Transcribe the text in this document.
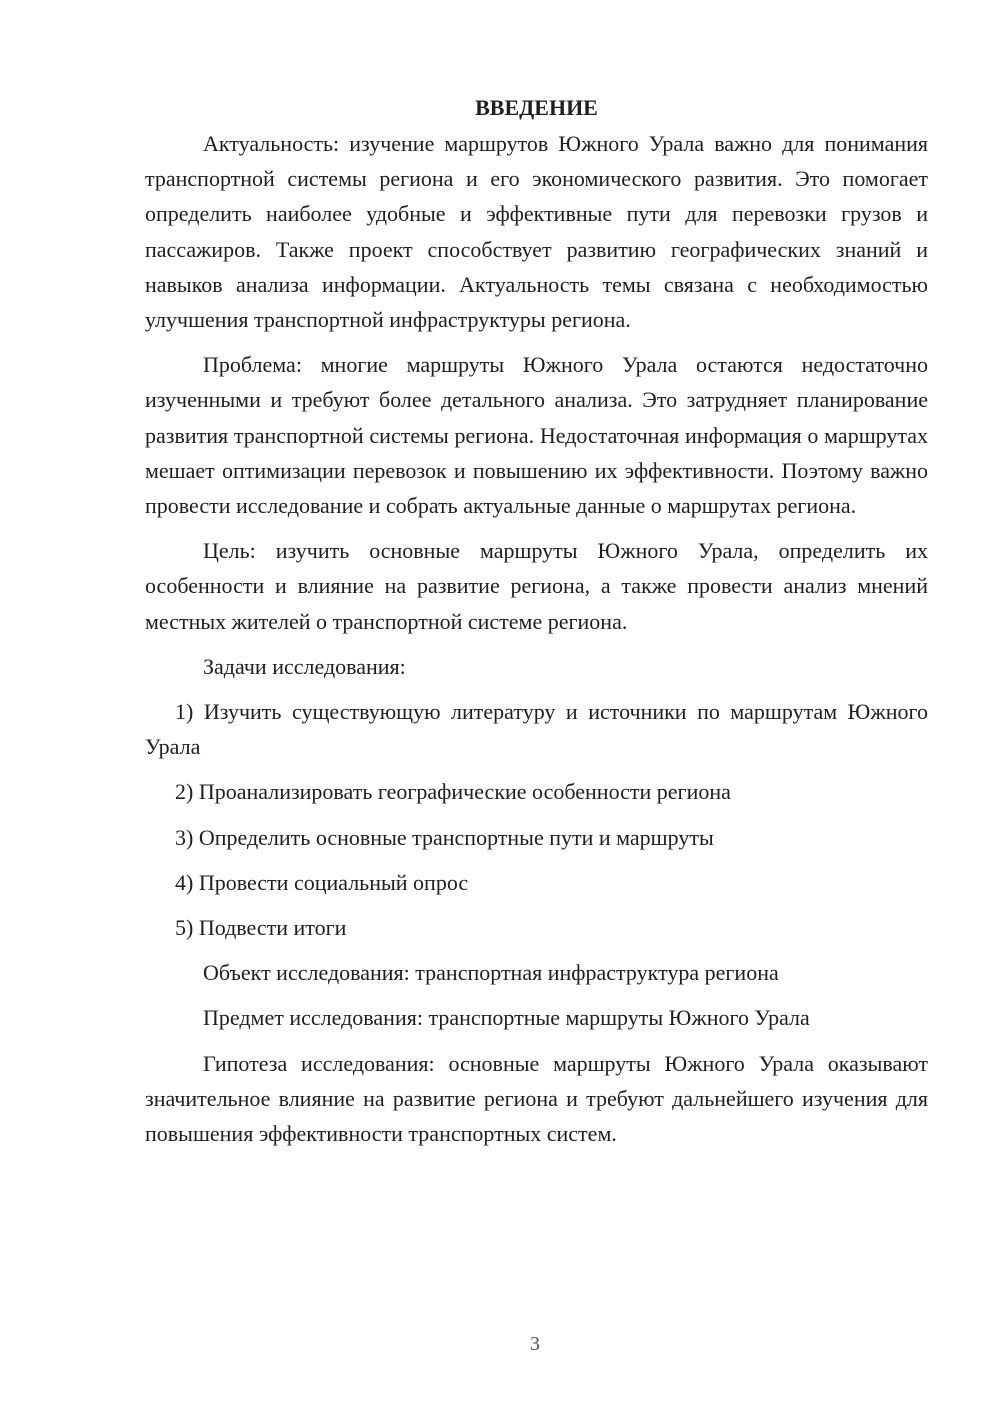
ВВЕДЕНИЕ

Актуальность: изучение маршрутов Южного Урала важно для понимания транспортной системы региона и его экономического развития. Это помогает определить наиболее удобные и эффективные пути для перевозки грузов и пассажиров. Также проект способствует развитию географических знаний и навыков анализа информации. Актуальность темы связана с необходимостью улучшения транспортной инфраструктуры региона.

Проблема: многие маршруты Южного Урала остаются недостаточно изученными и требуют более детального анализа. Это затрудняет планирование развития транспортной системы региона. Недостаточная информация о маршрутах мешает оптимизации перевозок и повышению их эффективности. Поэтому важно провести исследование и собрать актуальные данные о маршрутах региона.

Цель: изучить основные маршруты Южного Урала, определить их особенности и влияние на развитие региона, а также провести анализ мнений местных жителей о транспортной системе региона.

Задачи исследования:

1) Изучить существующую литературу и источники по маршрутам Южного Урала

2) Проанализировать географические особенности региона

3) Определить основные транспортные пути и маршруты

4) Провести социальный опрос

5) Подвести итоги

Объект исследования: транспортная инфраструктура региона

Предмет исследования: транспортные маршруты Южного Урала

Гипотеза исследования: основные маршруты Южного Урала оказывают значительное влияние на развитие региона и требуют дальнейшего изучения для повышения эффективности транспортных систем.

3
